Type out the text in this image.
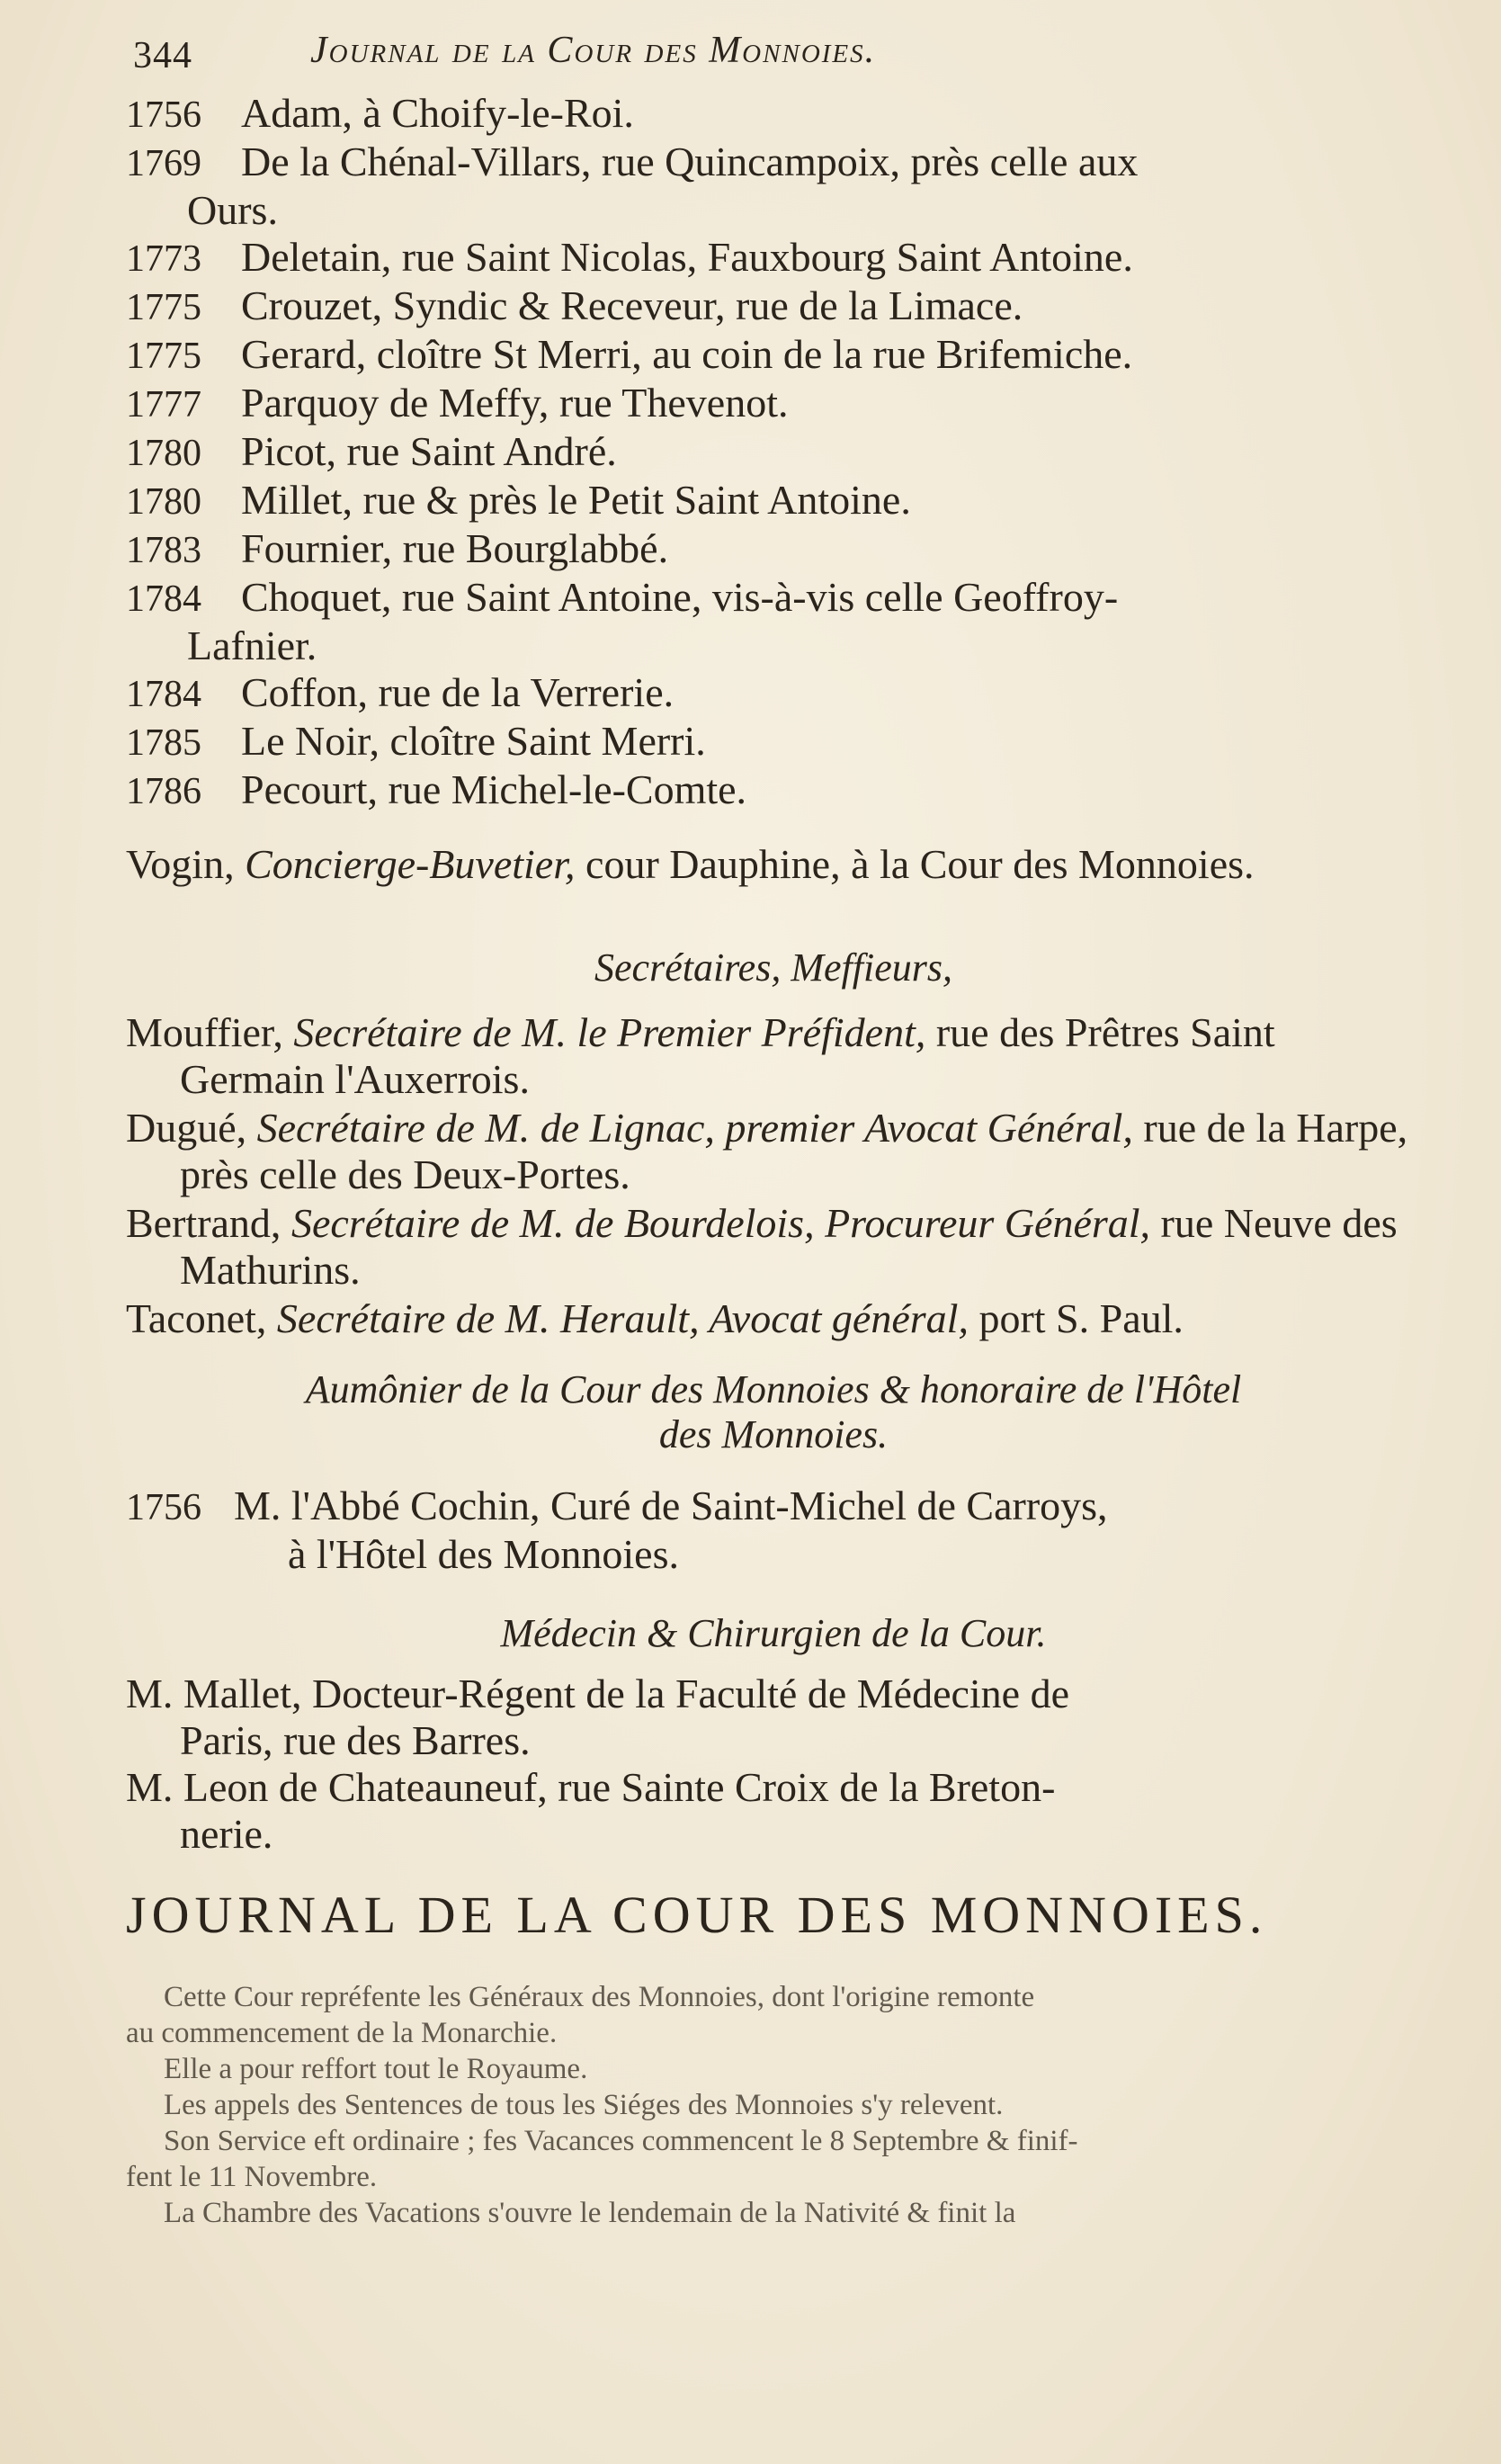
344	Journal de la Cour des Monnoies.
1756 Adam, à Choify-le-Roi.
1769 De la Chénal-Villars, rue Quincampoix, près celle aux
Ours.
1773 Deletain, rue Saint Nicolas, Fauxbourg Saint Antoine.
1775 Crouzet, Syndic & Receveur, rue de la Limace.
1775 Gerard, cloître St Merri, au coin de la rue Brifemiche.
1777 Parquoy de Meffy, rue Thevenot.
1780 Picot, rue Saint André.
1780 Millet, rue & près le Petit Saint Antoine.
1783 Fournier, rue Bourglabbé.
1784 Choquet, rue Saint Antoine, vis-à-vis celle Geoffroy-
Lafnier.
1784 Coffon, rue de la Verrerie.
1785 Le Noir, cloître Saint Merri.
1786 Pecourt, rue Michel-le-Comte.
Vogin, Concierge-Buvetier, cour Dauphine, à la Cour des Monnoies.
Secrétaires, Meffieurs,
Mouffier, Secrétaire de M. le Premier Préfident, rue des Prêtres Saint Germain l'Auxerrois.
Dugué, Secrétaire de M. de Lignac, premier Avocat Général, rue de la Harpe, près celle des Deux-Portes.
Bertrand, Secrétaire de M. de Bourdelois, Procureur Général, rue Neuve des Mathurins.
Taconet, Secrétaire de M. Herault, Avocat général, port S. Paul.
Aumônier de la Cour des Monnoies & honoraire de l'Hôtel
des Monnoies.
1756 M. l'Abbé Cochin, Curé de Saint-Michel de Carroys,
à l'Hôtel des Monnoies.
Médecin & Chirurgien de la Cour.
M. Mallet, Docteur-Régent de la Faculté de Médecine de
Paris, rue des Barres.
M. Leon de Chateauneuf, rue Sainte Croix de la Breton-
nerie.
JOURNAL DE LA COUR DES MONNOIES.
Cette Cour repréfente les Généraux des Monnoies, dont l'origine remonte
au commencement de la Monarchie.
Elle a pour reffort tout le Royaume.
Les appels des Sentences de tous les Siéges des Monnoies s'y relevent.
Son Service eft ordinaire ; fes Vacances commencent le 8 Septembre & finif-
fent le 11 Novembre.
La Chambre des Vacations s'ouvre le lendemain de la Nativité & finit la
